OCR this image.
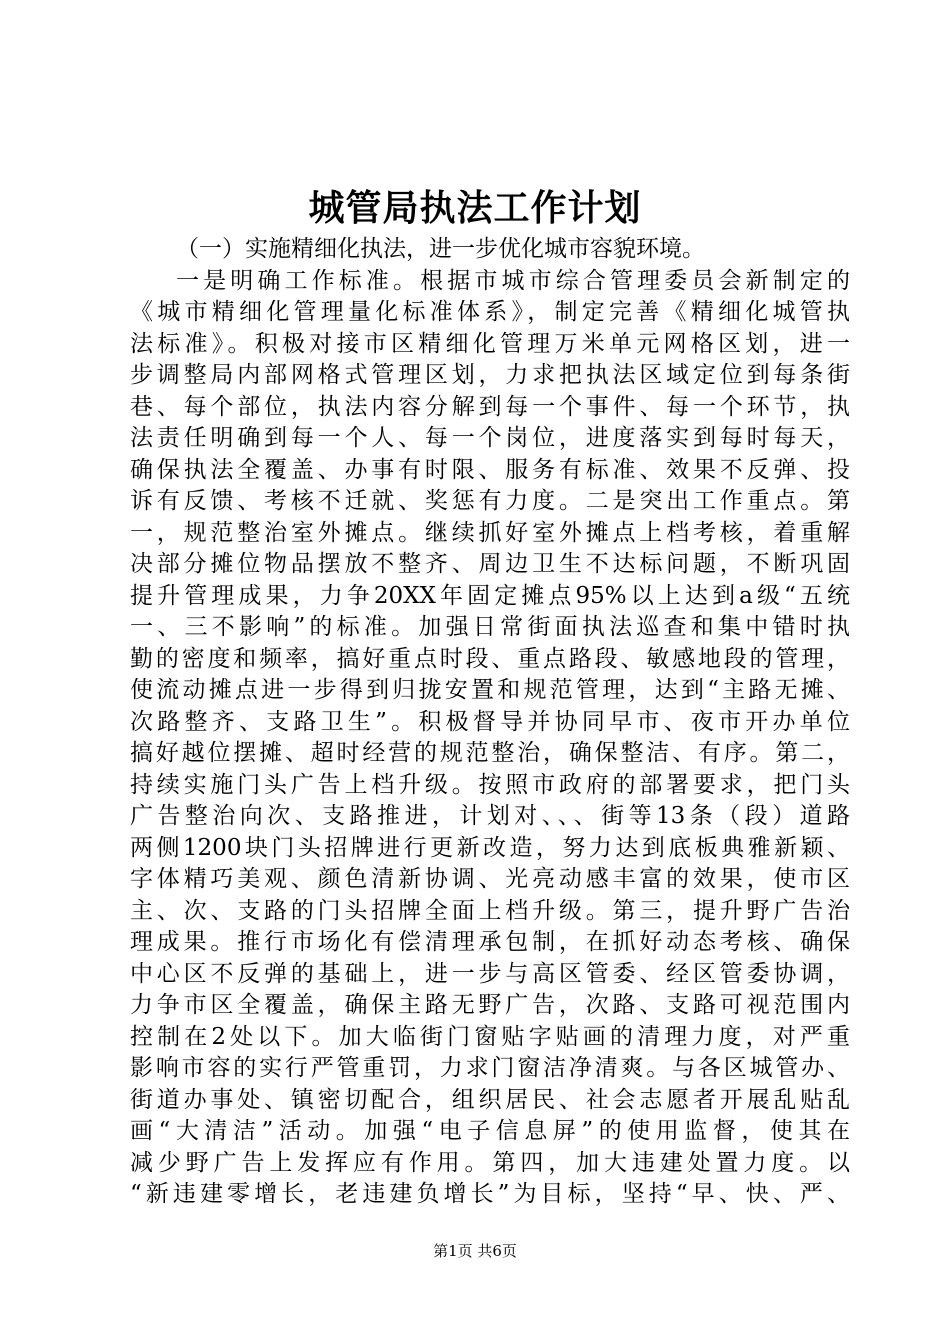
城管局执法工作计划
（一）实施精细化执法，进一步优化城市容貌环境。
一是明确工作标准。根据市城市综合管理委员会新制定的
《城市精细化管理量化标准体系》，制定完善《精细化城管执
法标准》。积极对接市区精细化管理万米单元网格区划，进一
步调整局内部网格式管理区划，力求把执法区域定位到每条街
巷、每个部位，执法内容分解到每一个事件、每一个环节，执
法责任明确到每一个人、每一个岗位，进度落实到每时每天，
确保执法全覆盖、办事有时限、服务有标准、效果不反弹、投
诉有反馈、考核不迁就、奖惩有力度。二是突出工作重点。第
一，规范整治室外摊点。继续抓好室外摊点上档考核，着重解
决部分摊位物品摆放不整齐、周边卫生不达标问题，不断巩固
提升管理成果，力争20XX年固定摊点95%以上达到a级“五统
一、三不影响”的标准。加强日常街面执法巡查和集中错时执
勤的密度和频率，搞好重点时段、重点路段、敏感地段的管理，
使流动摊点进一步得到归拢安置和规范管理，达到“主路无摊、
次路整齐、支路卫生”。积极督导并协同早市、夜市开办单位
搞好越位摆摊、超时经营的规范整治，确保整洁、有序。第二，
持续实施门头广告上档升级。按照市政府的部署要求，把门头
广告整治向次、支路推进，计划对、、、街等13条（段）道路
两侧1200块门头招牌进行更新改造，努力达到底板典雅新颖、
字体精巧美观、颜色清新协调、光亮动感丰富的效果，使市区
主、次、支路的门头招牌全面上档升级。第三，提升野广告治
理成果。推行市场化有偿清理承包制，在抓好动态考核、确保
中心区不反弹的基础上，进一步与高区管委、经区管委协调，
力争市区全覆盖，确保主路无野广告，次路、支路可视范围内
控制在2处以下。加大临街门窗贴字贴画的清理力度，对严重
影响市容的实行严管重罚，力求门窗洁净清爽。与各区城管办、
街道办事处、镇密切配合，组织居民、社会志愿者开展乱贴乱
画“大清洁”活动。加强“电子信息屏”的使用监督，使其在
减少野广告上发挥应有作用。第四，加大违建处置力度。以
“新违建零增长，老违建负增长”为目标，坚持“早、快、严、
第1页 共6页
